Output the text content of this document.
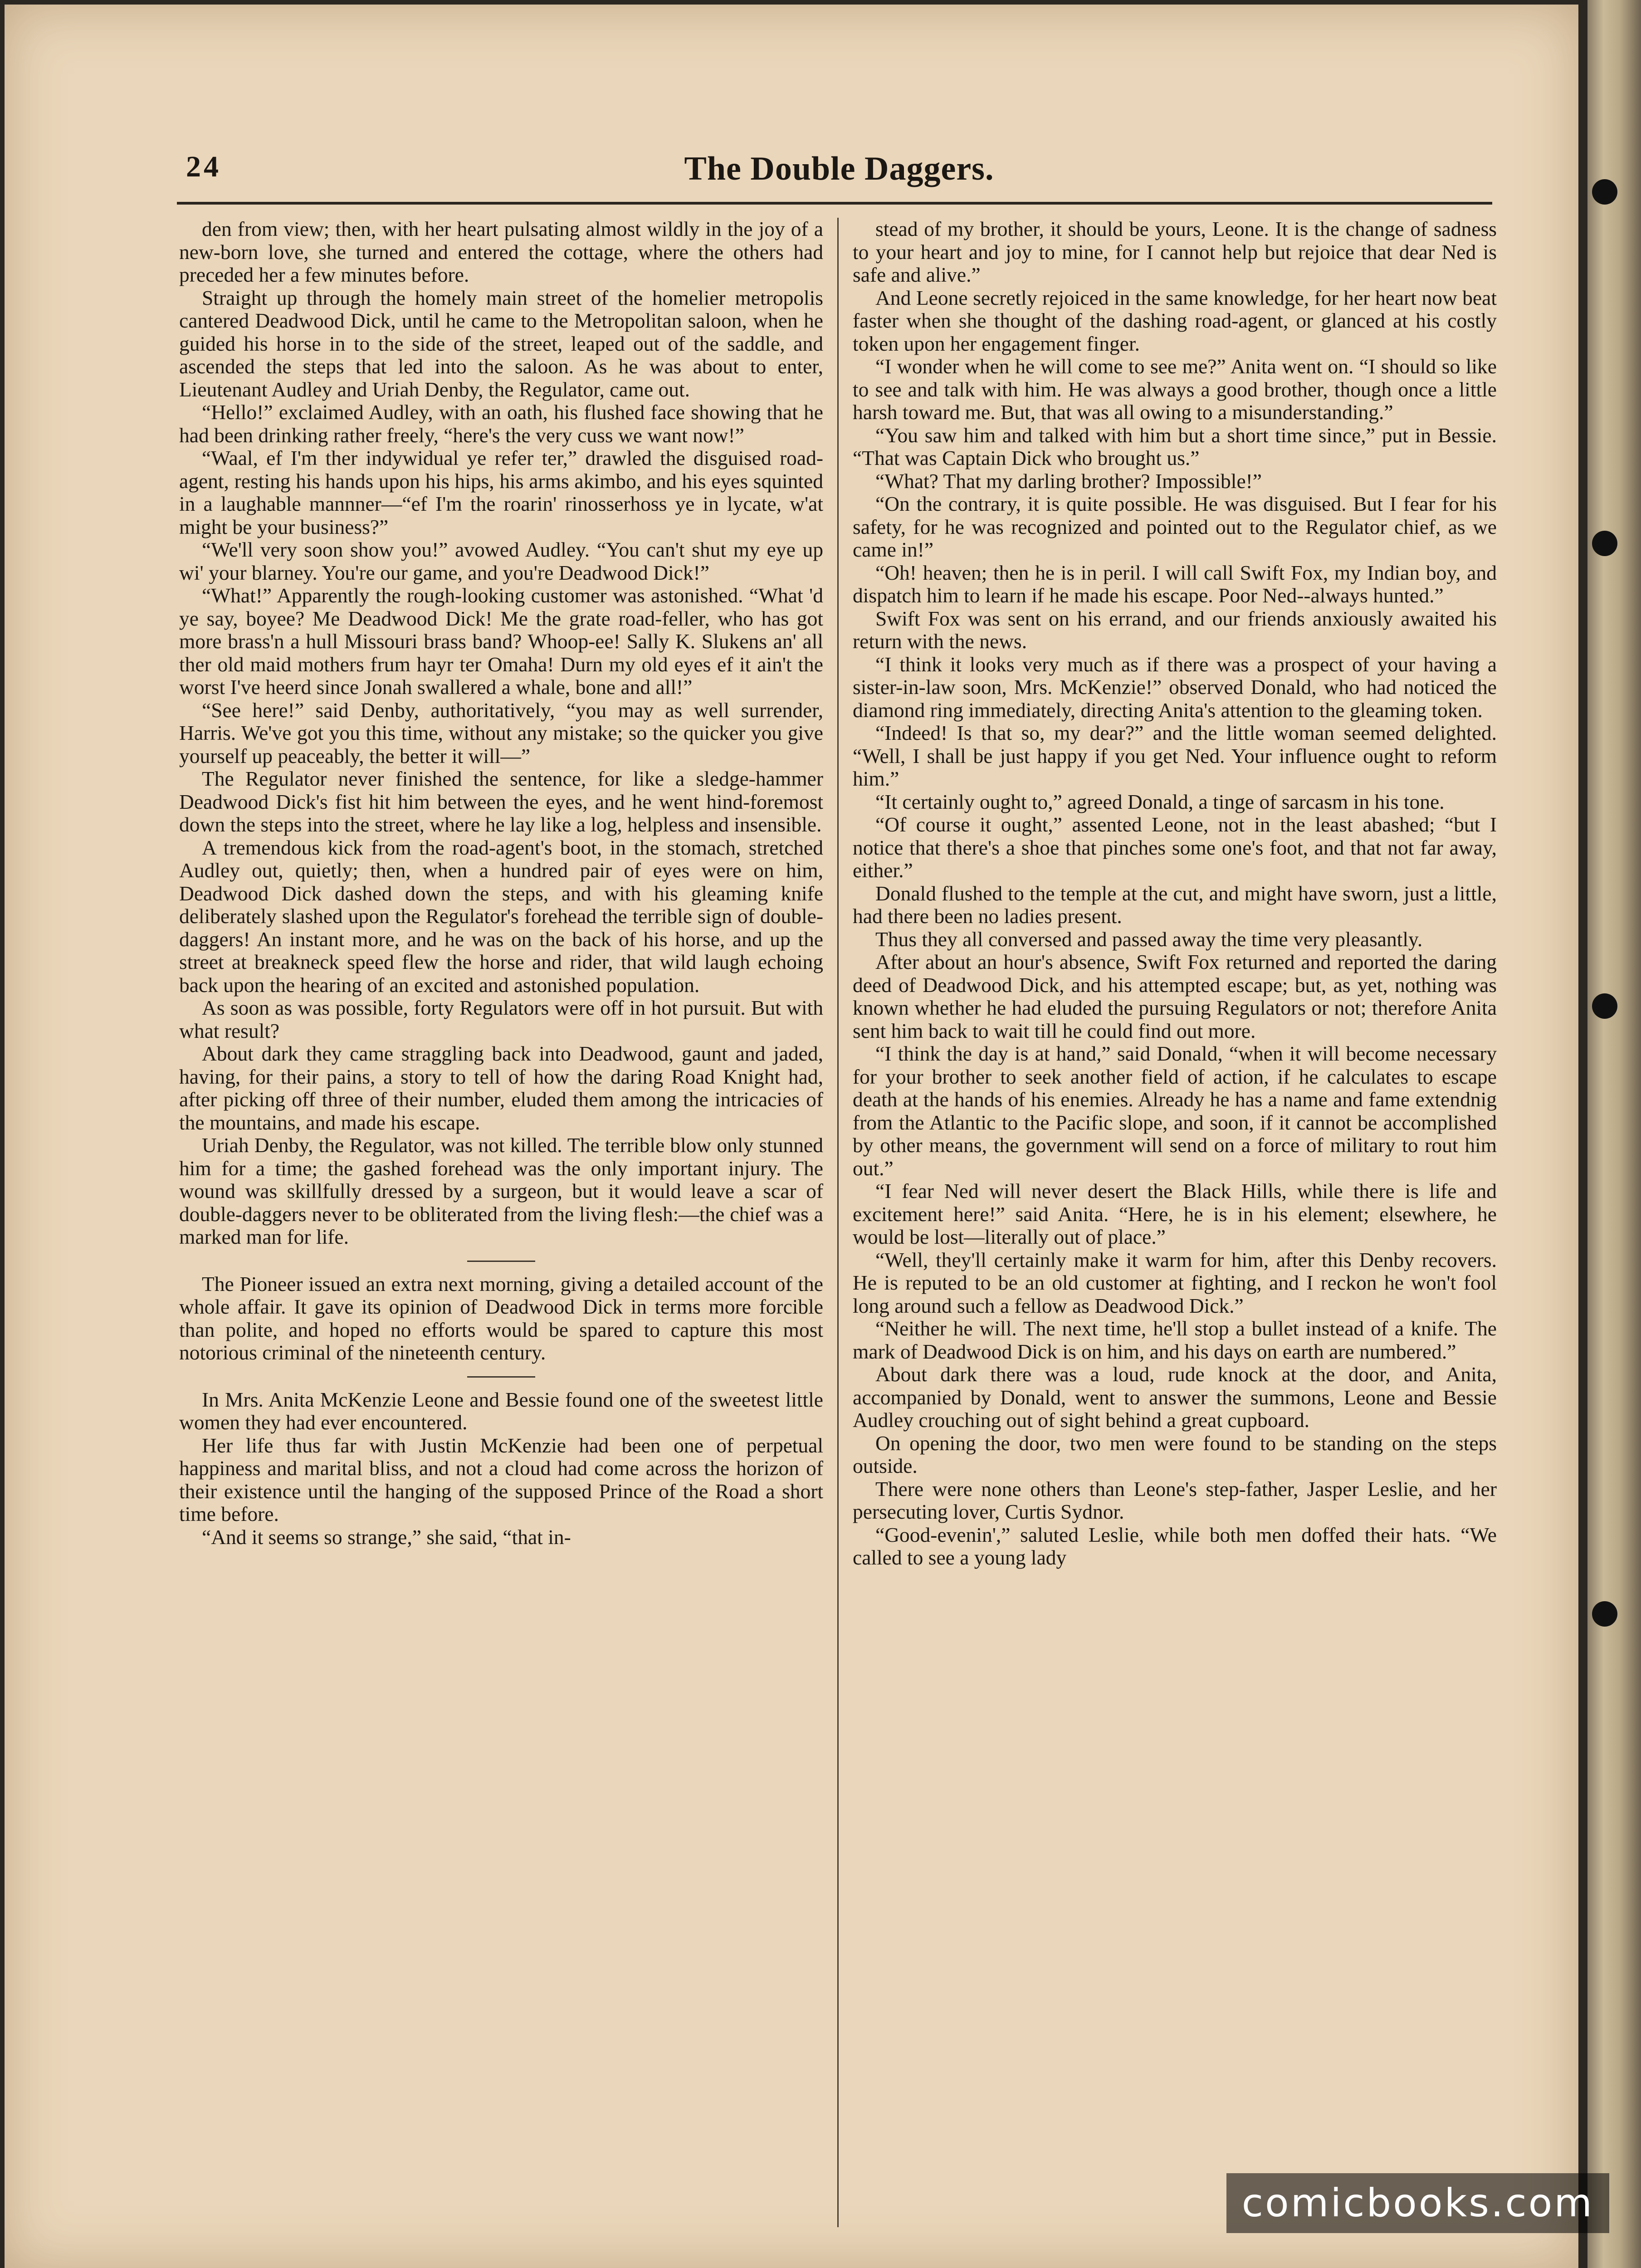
The Double Daggers.
24

den from view; then, with her heart pulsating almost wildly in the joy of a new-born love, she turned and entered the cottage, where the others had preceded her a few minutes before.

Straight up through the homely main street of the homelier metropolis cantered Deadwood Dick, until he came to the Metropolitan saloon, when he guided his horse in to the side of the street, leaped out of the saddle, and ascended the steps that led into the saloon. As he was about to enter, Lieutenant Audley and Uriah Denby, the Regulator, came out.

“Hello!” exclaimed Audley, with an oath, his flushed face showing that he had been drinking rather freely, “here's the very cuss we want now!”

“Waal, ef I'm ther indywidual ye refer ter,” drawled the disguised road-agent, resting his hands upon his hips, his arms akimbo, and his eyes squinted in a laughable mannner—“ef I'm the roarin' rinosserhoss ye in lycate, w'at might be your business?”

“We'll very soon show you!” avowed Audley. “You can't shut my eye up wi' your blarney. You're our game, and you're Deadwood Dick!”

“What!” Apparently the rough-looking customer was astonished. “What 'd ye say, boyee? Me Deadwood Dick! Me the grate road-feller, who has got more brass'n a hull Missouri brass band? Whoop-ee! Sally K. Slukens an' all ther old maid mothers frum hayr ter Omaha! Durn my old eyes ef it ain't the worst I've heerd since Jonah swallered a whale, bone and all!”

“See here!” said Denby, authoritatively, “you may as well surrender, Harris. We've got you this time, without any mistake; so the quicker you give yourself up peaceably, the better it will—”

The Regulator never finished the sentence, for like a sledge-hammer Deadwood Dick's fist hit him between the eyes, and he went hind-foremost down the steps into the street, where he lay like a log, helpless and insensible.

A tremendous kick from the road-agent's boot, in the stomach, stretched Audley out, quietly; then, when a hundred pair of eyes were on him, Deadwood Dick dashed down the steps, and with his gleaming knife deliberately slashed upon the Regulator's forehead the terrible sign of double-daggers! An instant more, and he was on the back of his horse, and up the street at breakneck speed flew the horse and rider, that wild laugh echoing back upon the hearing of an excited and astonished population.

As soon as was possible, forty Regulators were off in hot pursuit. But with what result?

About dark they came straggling back into Deadwood, gaunt and jaded, having, for their pains, a story to tell of how the daring Road Knight had, after picking off three of their number, eluded them among the intricacies of the mountains, and made his escape.

Uriah Denby, the Regulator, was not killed. The terrible blow only stunned him for a time; the gashed forehead was the only important injury. The wound was skillfully dressed by a surgeon, but it would leave a scar of double-daggers never to be obliterated from the living flesh:—the chief was a marked man for life.

The Pioneer issued an extra next morning, giving a detailed account of the whole affair. It gave its opinion of Deadwood Dick in terms more forcible than polite, and hoped no efforts would be spared to capture this most notorious criminal of the nineteenth century.

In Mrs. Anita McKenzie Leone and Bessie found one of the sweetest little women they had ever encountered.

Her life thus far with Justin McKenzie had been one of perpetual happiness and marital bliss, and not a cloud had come across the horizon of their existence until the hanging of the supposed Prince of the Road a short time before.

“And it seems so strange,” she said, “that in-

stead of my brother, it should be yours, Leone. It is the change of sadness to your heart and joy to mine, for I cannot help but rejoice that dear Ned is safe and alive.”

And Leone secretly rejoiced in the same knowledge, for her heart now beat faster when she thought of the dashing road-agent, or glanced at his costly token upon her engagement finger.

“I wonder when he will come to see me?” Anita went on. “I should so like to see and talk with him. He was always a good brother, though once a little harsh toward me. But, that was all owing to a misunderstanding.”

“You saw him and talked with him but a short time since,” put in Bessie. “That was Captain Dick who brought us.”

“What? That my darling brother? Impossible!”

“On the contrary, it is quite possible. He was disguised. But I fear for his safety, for he was recognized and pointed out to the Regulator chief, as we came in!”

“Oh! heaven; then he is in peril. I will call Swift Fox, my Indian boy, and dispatch him to learn if he made his escape. Poor Ned--always hunted.”

Swift Fox was sent on his errand, and our friends anxiously awaited his return with the news.

“I think it looks very much as if there was a prospect of your having a sister-in-law soon, Mrs. McKenzie!” observed Donald, who had noticed the diamond ring immediately, directing Anita's attention to the gleaming token.

“Indeed! Is that so, my dear?” and the little woman seemed delighted. “Well, I shall be just happy if you get Ned. Your influence ought to reform him.”

“It certainly ought to,” agreed Donald, a tinge of sarcasm in his tone.

“Of course it ought,” assented Leone, not in the least abashed; “but I notice that there's a shoe that pinches some one's foot, and that not far away, either.”

Donald flushed to the temple at the cut, and might have sworn, just a little, had there been no ladies present.

Thus they all conversed and passed away the time very pleasantly.

After about an hour's absence, Swift Fox returned and reported the daring deed of Deadwood Dick, and his attempted escape; but, as yet, nothing was known whether he had eluded the pursuing Regulators or not; therefore Anita sent him back to wait till he could find out more.

“I think the day is at hand,” said Donald, “when it will become necessary for your brother to seek another field of action, if he calculates to escape death at the hands of his enemies. Already he has a name and fame extendnig from the Atlantic to the Pacific slope, and soon, if it cannot be accomplished by other means, the government will send on a force of military to rout him out.”

“I fear Ned will never desert the Black Hills, while there is life and excitement here!” said Anita. “Here, he is in his element; elsewhere, he would be lost—literally out of place.”

“Well, they'll certainly make it warm for him, after this Denby recovers. He is reputed to be an old customer at fighting, and I reckon he won't fool long around such a fellow as Deadwood Dick.”

“Neither he will. The next time, he'll stop a bullet instead of a knife. The mark of Deadwood Dick is on him, and his days on earth are numbered.”

About dark there was a loud, rude knock at the door, and Anita, accompanied by Donald, went to answer the summons, Leone and Bessie Audley crouching out of sight behind a great cupboard.

On opening the door, two men were found to be standing on the steps outside.

There were none others than Leone's step-father, Jasper Leslie, and her persecuting lover, Curtis Sydnor.

“Good-evenin',” saluted Leslie, while both men doffed their hats. “We called to see a young lady

comicbooks.com
